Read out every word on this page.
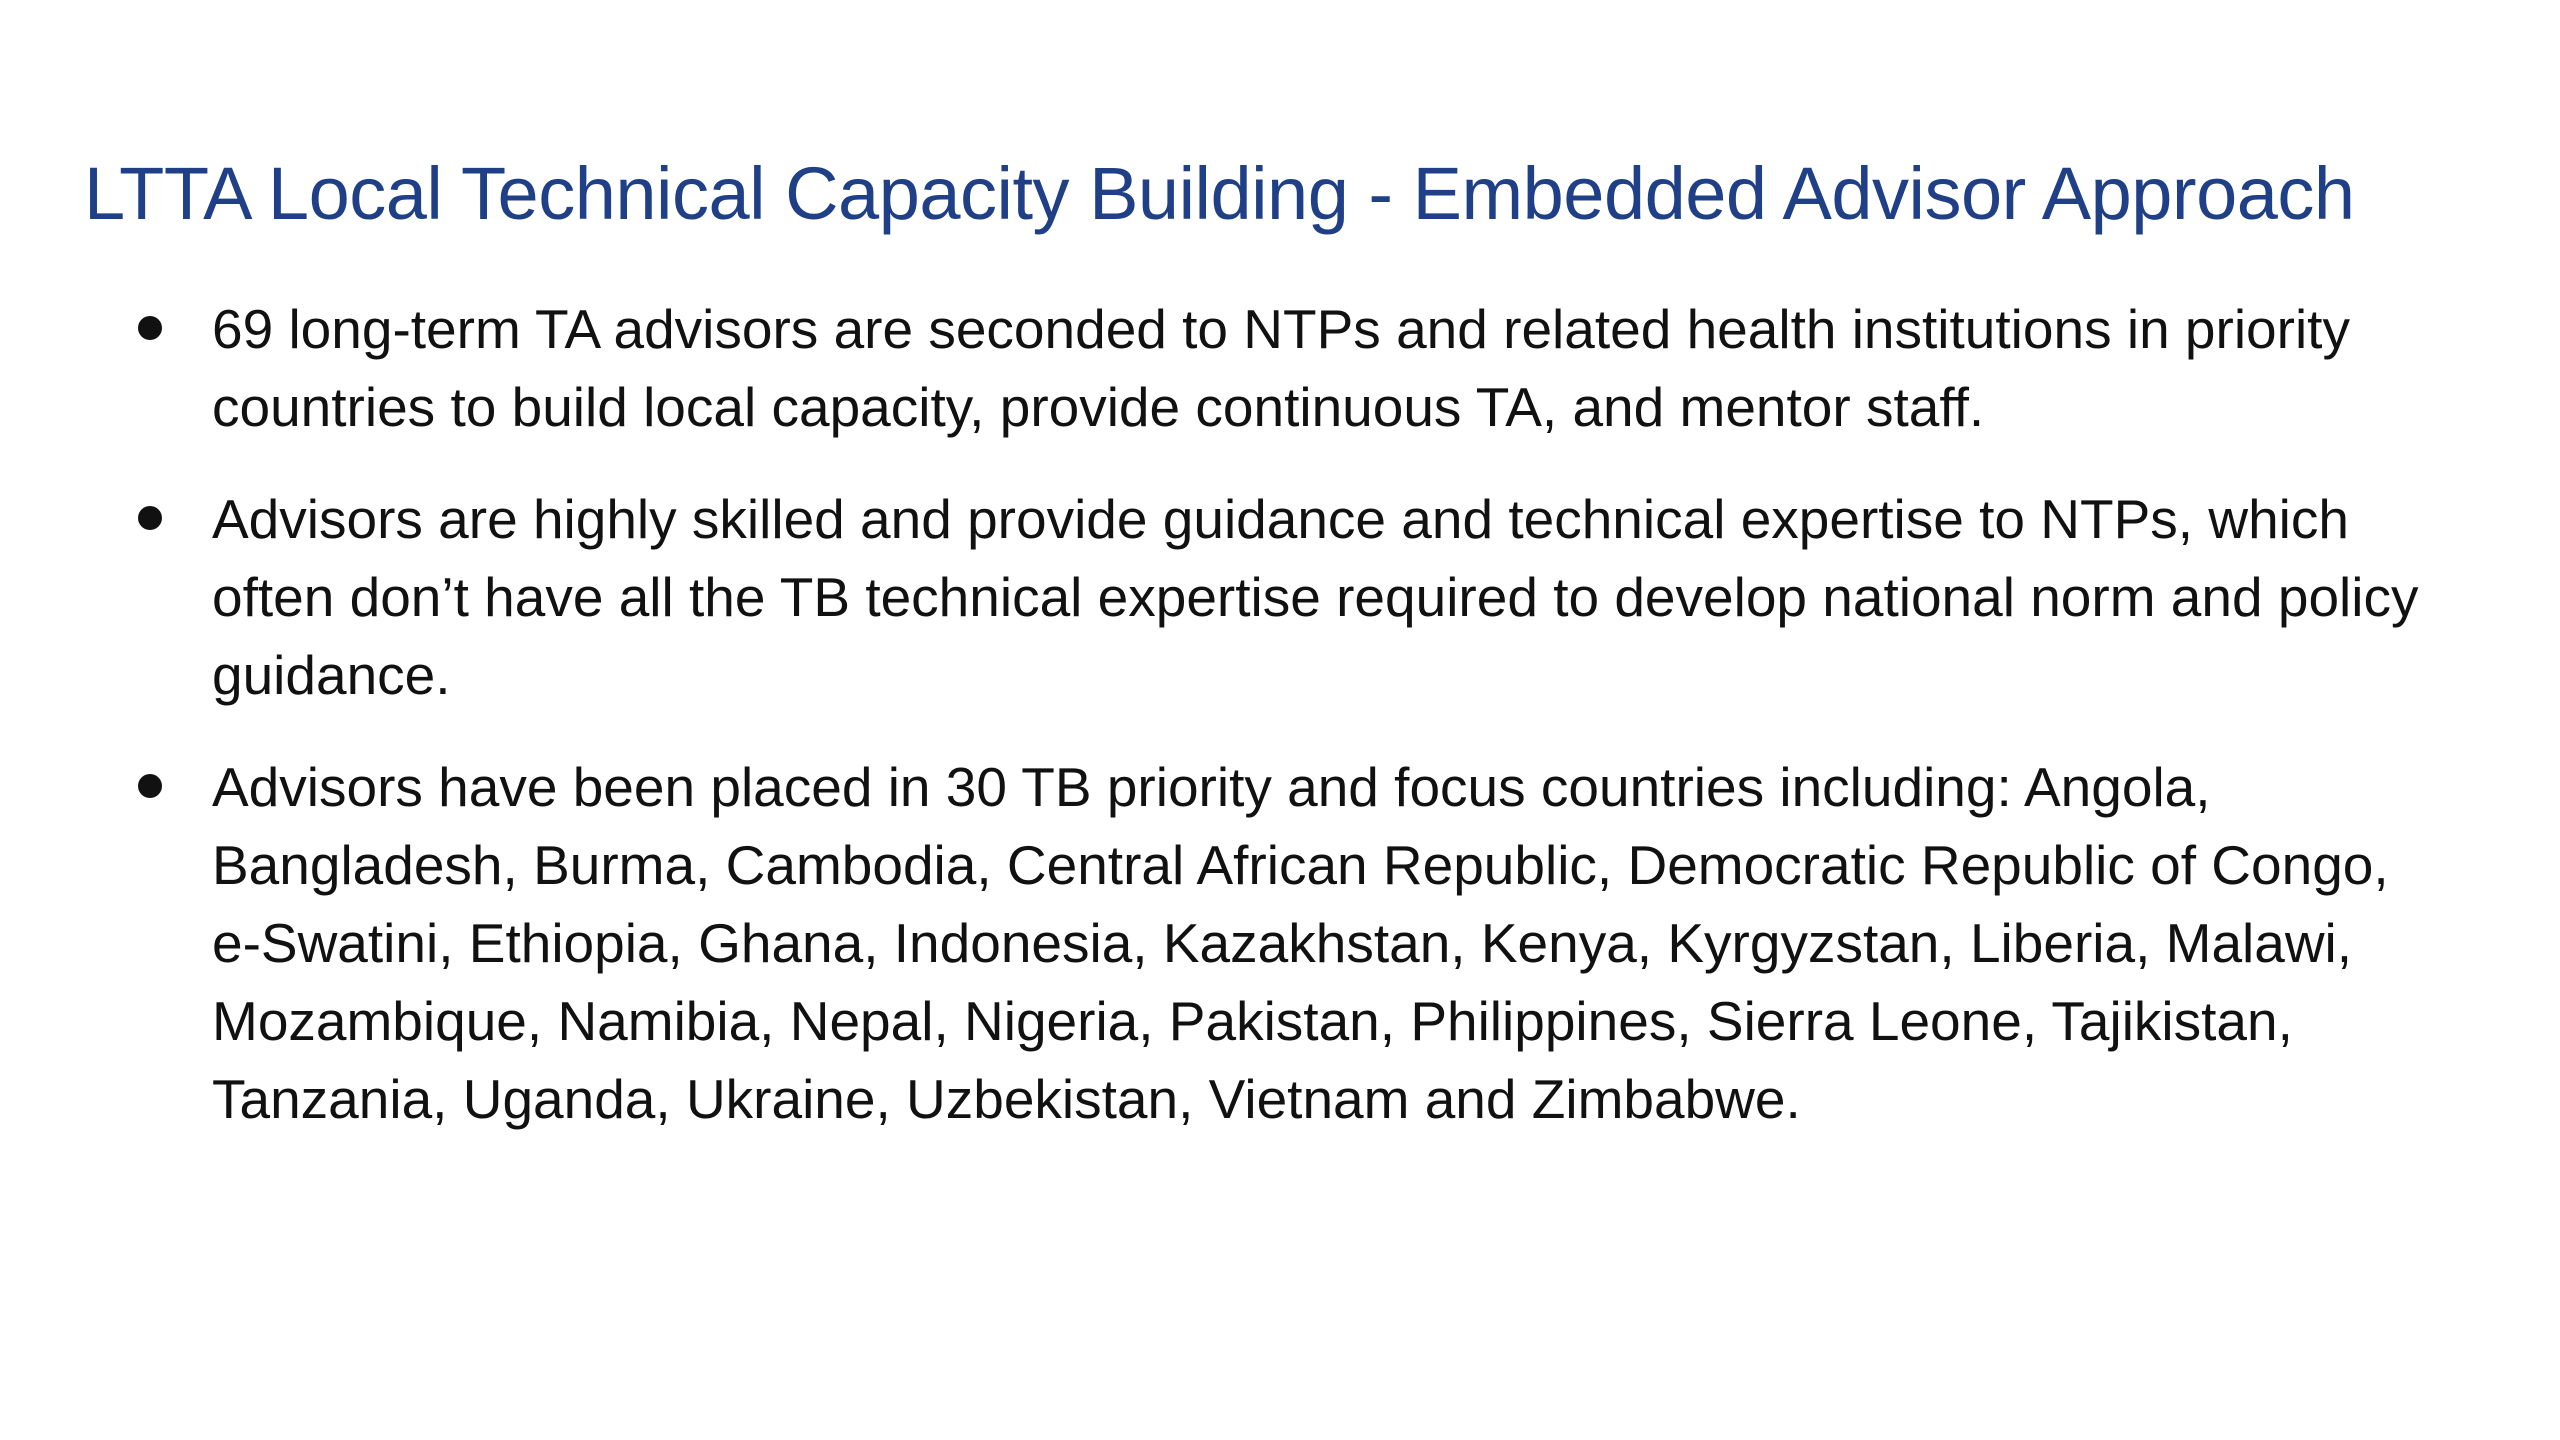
LTTA Local Technical Capacity Building - Embedded Advisor Approach
69 long-term TA advisors are seconded to NTPs and related health institutions in priority countries to build local capacity, provide continuous TA, and mentor staff.
Advisors are highly skilled and provide guidance and technical expertise to NTPs, which often don’t have all the TB technical expertise required to develop national norm and policy guidance.
Advisors have been placed in 30 TB priority and focus countries including: Angola, Bangladesh, Burma, Cambodia, Central African Republic, Democratic Republic of Congo, e-Swatini, Ethiopia, Ghana, Indonesia, Kazakhstan, Kenya, Kyrgyzstan, Liberia, Malawi, Mozambique, Namibia, Nepal, Nigeria, Pakistan, Philippines, Sierra Leone, Tajikistan, Tanzania, Uganda, Ukraine, Uzbekistan, Vietnam and Zimbabwe.
